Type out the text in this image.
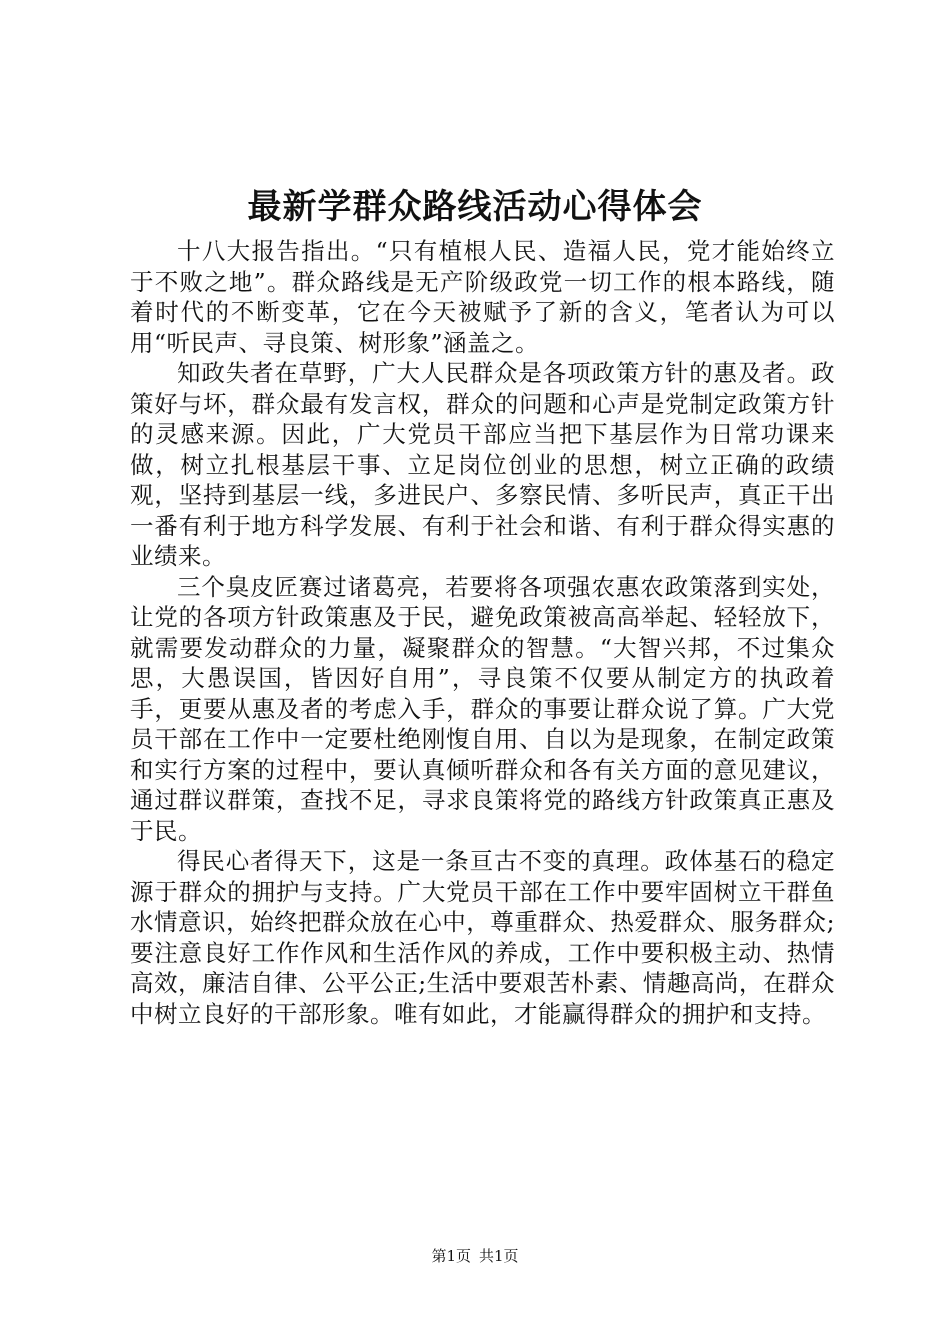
最新学群众路线活动心得体会

十八大报告指出。“只有植根人民、造福人民，党才能始终立于不败之地”。群众路线是无产阶级政党一切工作的根本路线，随着时代的不断变革，它在今天被赋予了新的含义，笔者认为可以用“听民声、寻良策、树形象”涵盖之。

知政失者在草野，广大人民群众是各项政策方针的惠及者。政策好与坏，群众最有发言权，群众的问题和心声是党制定政策方针的灵感来源。因此，广大党员干部应当把下基层作为日常功课来做，树立扎根基层干事、立足岗位创业的思想，树立正确的政绩观，坚持到基层一线，多进民户、多察民情、多听民声，真正干出一番有利于地方科学发展、有利于社会和谐、有利于群众得实惠的业绩来。

三个臭皮匠赛过诸葛亮，若要将各项强农惠农政策落到实处，让党的各项方针政策惠及于民，避免政策被高高举起、轻轻放下，就需要发动群众的力量，凝聚群众的智慧。“大智兴邦，不过集众思，大愚误国，皆因好自用”，寻良策不仅要从制定方的执政着手，更要从惠及者的考虑入手，群众的事要让群众说了算。广大党员干部在工作中一定要杜绝刚愎自用、自以为是现象，在制定政策和实行方案的过程中，要认真倾听群众和各有关方面的意见建议，通过群议群策，查找不足，寻求良策将党的路线方针政策真正惠及于民。

得民心者得天下，这是一条亘古不变的真理。政体基石的稳定源于群众的拥护与支持。广大党员干部在工作中要牢固树立干群鱼水情意识，始终把群众放在心中，尊重群众、热爱群众、服务群众;要注意良好工作作风和生活作风的养成，工作中要积极主动、热情高效，廉洁自律、公平公正;生活中要艰苦朴素、情趣高尚，在群众中树立良好的干部形象。唯有如此，才能赢得群众的拥护和支持。

第1页 共1页
